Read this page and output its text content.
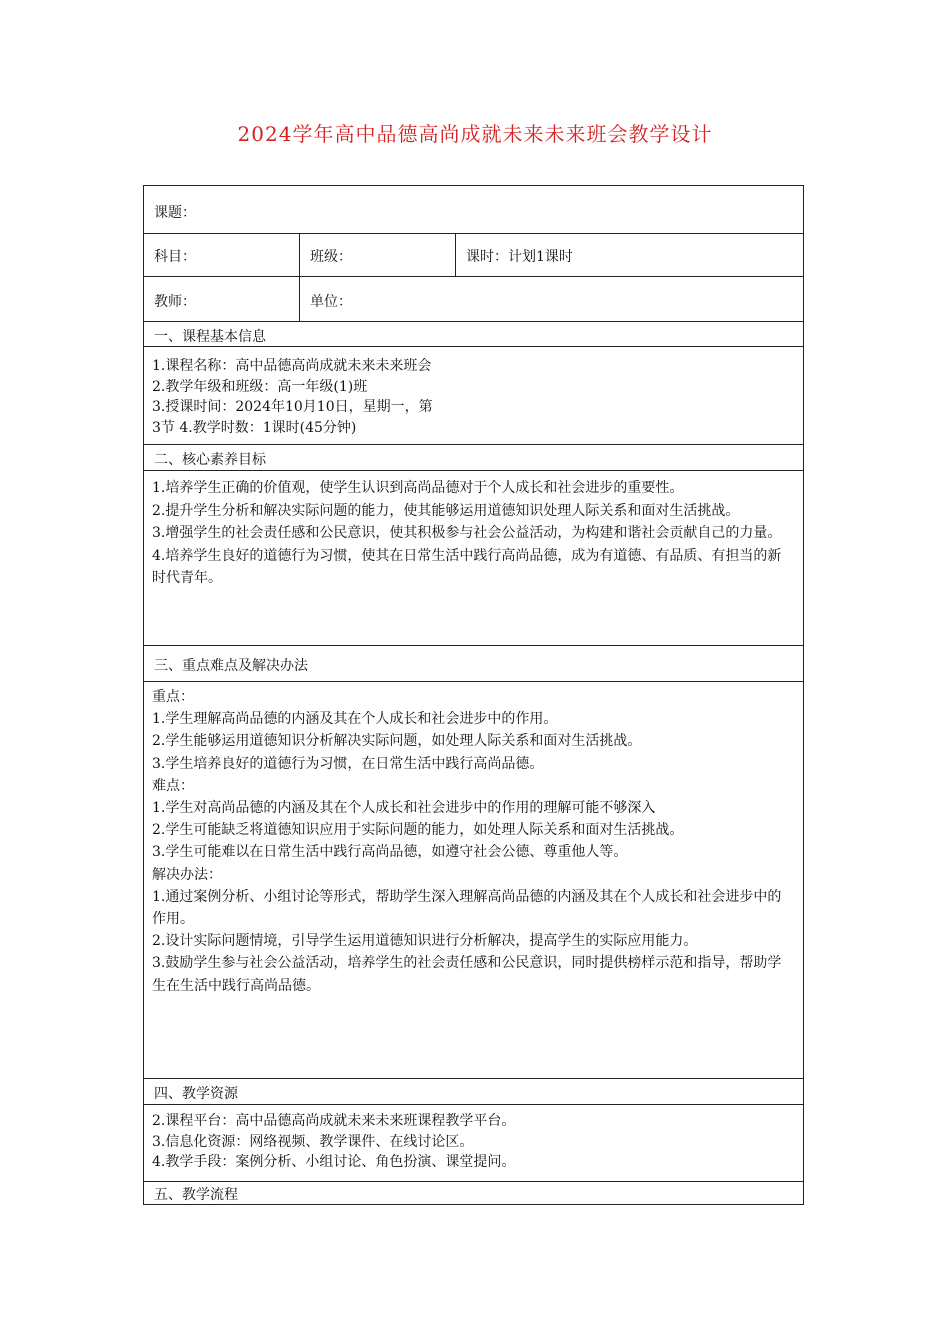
2024学年高中品德高尚成就未来未来班会教学设计
课题：
科目：	班级：	课时：计划1课时
教师：	单位：
一、课程基本信息

1.课程名称：高中品德高尚成就未来未来班会

2.教学年级和班级：高一年级(1)班

3.授课时间：2024年10月10日，星期一，第

3节 4.教学时数：1课时(45分钟)

二、核心素养目标

1.培养学生正确的价值观，使学生认识到高尚品德对于个人成长和社会进步的重要性。

2.提升学生分析和解决实际问题的能力，使其能够运用道德知识处理人际关系和面对生活挑战。

3.增强学生的社会责任感和公民意识，使其积极参与社会公益活动，为构建和谐社会贡献自己的力量。

4.培养学生良好的道德行为习惯，使其在日常生活中践行高尚品德，成为有道德、有品质、有担当的新时代青年。

三、重点难点及解决办法

重点：

1.学生理解高尚品德的内涵及其在个人成长和社会进步中的作用。

2.学生能够运用道德知识分析解决实际问题，如处理人际关系和面对生活挑战。

3.学生培养良好的道德行为习惯，在日常生活中践行高尚品德。

难点：

1.学生对高尚品德的内涵及其在个人成长和社会进步中的作用的理解可能不够深入

2.学生可能缺乏将道德知识应用于实际问题的能力，如处理人际关系和面对生活挑战。

3.学生可能难以在日常生活中践行高尚品德，如遵守社会公德、尊重他人等。

解决办法：

1.通过案例分析、小组讨论等形式，帮助学生深入理解高尚品德的内涵及其在个人成长和社会进步中的作用。

2.设计实际问题情境，引导学生运用道德知识进行分析解决，提高学生的实际应用能力。

3.鼓励学生参与社会公益活动，培养学生的社会责任感和公民意识，同时提供榜样示范和指导，帮助学生在生活中践行高尚品德。

四、教学资源

2.课程平台：高中品德高尚成就未来未来班课程教学平台。

3.信息化资源：网络视频、教学课件、在线讨论区。

4.教学手段：案例分析、小组讨论、角色扮演、课堂提问。

五、教学流程
